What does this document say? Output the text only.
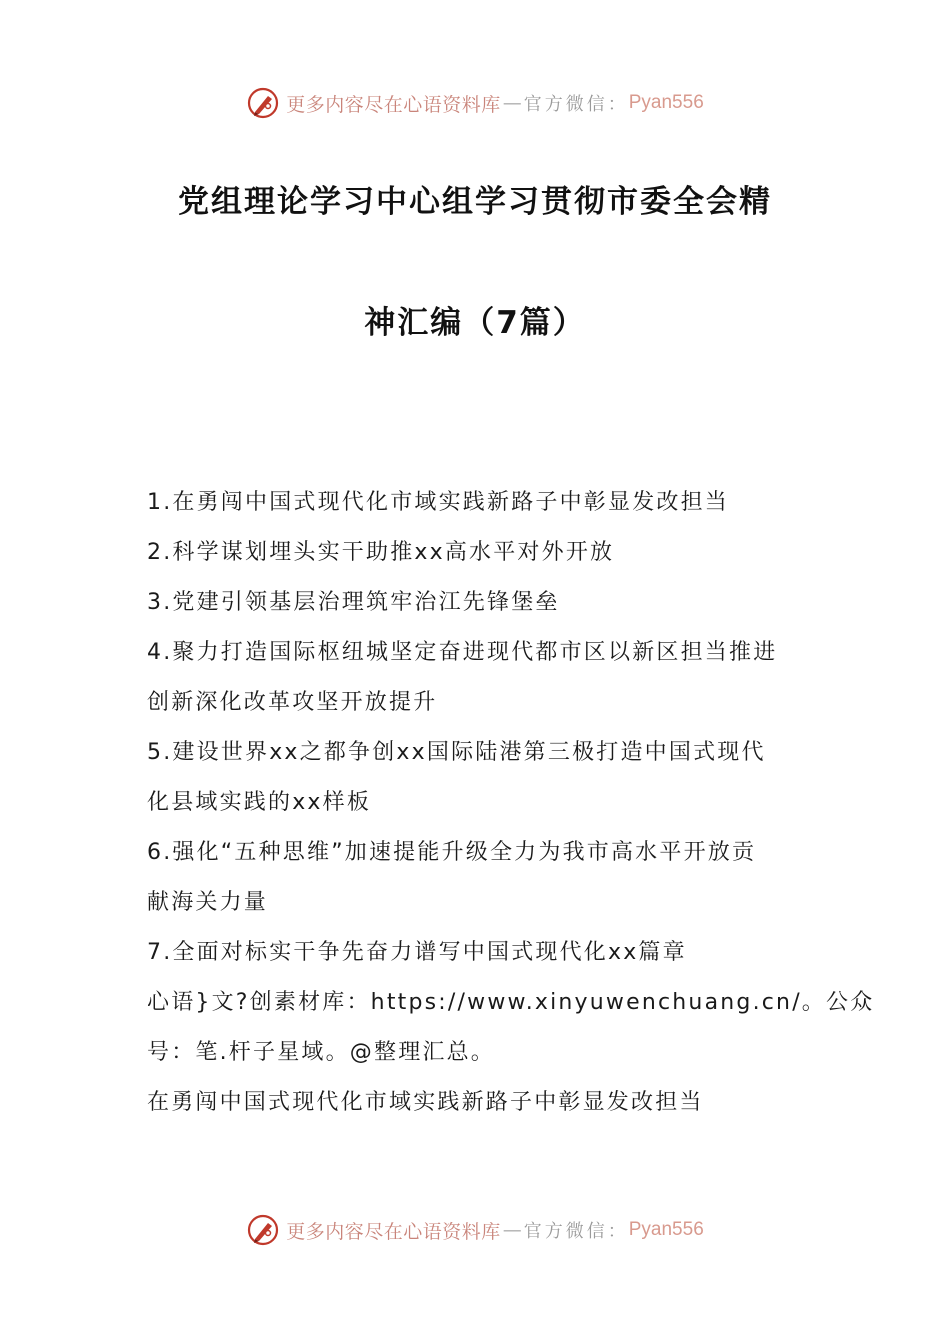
更多内容尽在心语资料库 — 官方微信： Pyan556
党组理论学习中心组学习贯彻市委全会精
神汇编（7篇）
1.在勇闯中国式现代化市域实践新路子中彰显发改担当
2.科学谋划埋头实干助推xx高水平对外开放
3.党建引领基层治理筑牢治江先锋堡垒
4.聚力打造国际枢纽城坚定奋进现代都市区以新区担当推进
创新深化改革攻坚开放提升
5.建设世界xx之都争创xx国际陆港第三极打造中国式现代
化县域实践的xx样板
6.强化“五种思维”加速提能升级全力为我市高水平开放贡
献海关力量
7.全面对标实干争先奋力谱写中国式现代化xx篇章
心语}文?创素材库：https://www.xinyuwenchuang.cn/。公众
号：笔.杆子星域。@整理汇总。
在勇闯中国式现代化市域实践新路子中彰显发改担当
更多内容尽在心语资料库 — 官方微信： Pyan556
